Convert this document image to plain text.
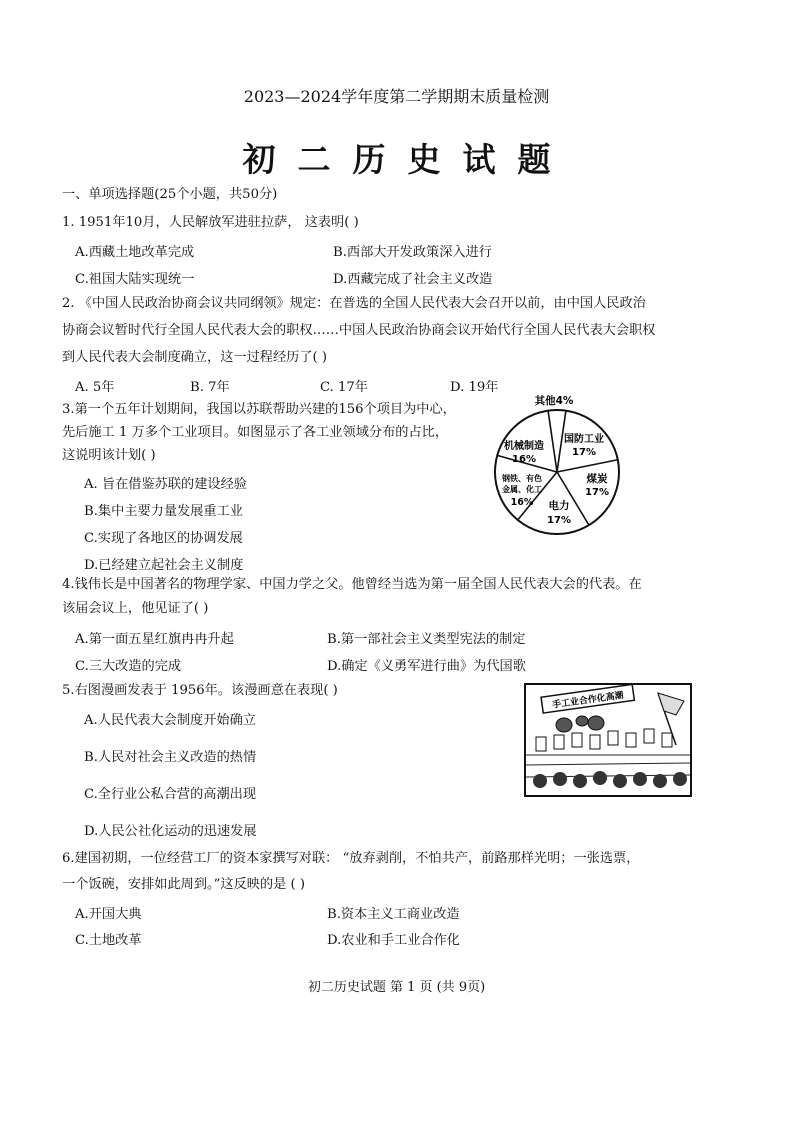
2023—2024学年度第二学期期末质量检测
初二历史试题
一、单项选择题(25个小题，共50分)
1. 1951年10月，人民解放军进驻拉萨， 这表明( )
A.西藏土地改革完成	B.西部大开发政策深入进行
C.祖国大陆实现统一	D.西藏完成了社会主义改造
2. 《中国人民政治协商会议共同纲领》规定：在普选的全国人民代表大会召开以前，由中国人民政治
协商会议暂时代行全国人民代表大会的职权……中国人民政治协商会议开始代行全国人民代表大会职权
到人民代表大会制度确立，这一过程经历了( )
A. 5年	B. 7年	C. 17年	D. 19年
3.第一个五年计划期间，我国以苏联帮助兴建的156个项目为中心，
先后施工 1 万多个工业项目。如图显示了各工业领域分布的占比，
这说明该计划( )
A. 旨在借鉴苏联的建设经验
B.集中主要力量发展重工业
C.实现了各地区的协调发展
D.已经建立起社会主义制度
其他4%
国防工业
17%
煤炭
17%
电力
17%
钢铁、有色
金属、化工
16%
机械制造
16%
4.钱伟长是中国著名的物理学家、中国力学之父。他曾经当选为第一届全国人民代表大会的代表。在
该届会议上，他见证了( )
A.第一面五星红旗冉冉升起	B.第一部社会主义类型宪法的制定
C.三大改造的完成	D.确定《义勇军进行曲》为代国歌
5.右图漫画发表于 1956年。该漫画意在表现( )
A.人民代表大会制度开始确立
B.人民对社会主义改造的热情
C.全行业公私合营的高潮出现
D.人民公社化运动的迅速发展
手工业合作化高潮
6.建国初期，一位经营工厂的资本家撰写对联： “放弃剥削，不怕共产，前路那样光明；一张选票，
一个饭碗，安排如此周到。”这反映的是 ( )
A.开国大典	B.资本主义工商业改造
C.土地改革	D.农业和手工业合作化
初二历史试题 第 1 页 (共 9页)
